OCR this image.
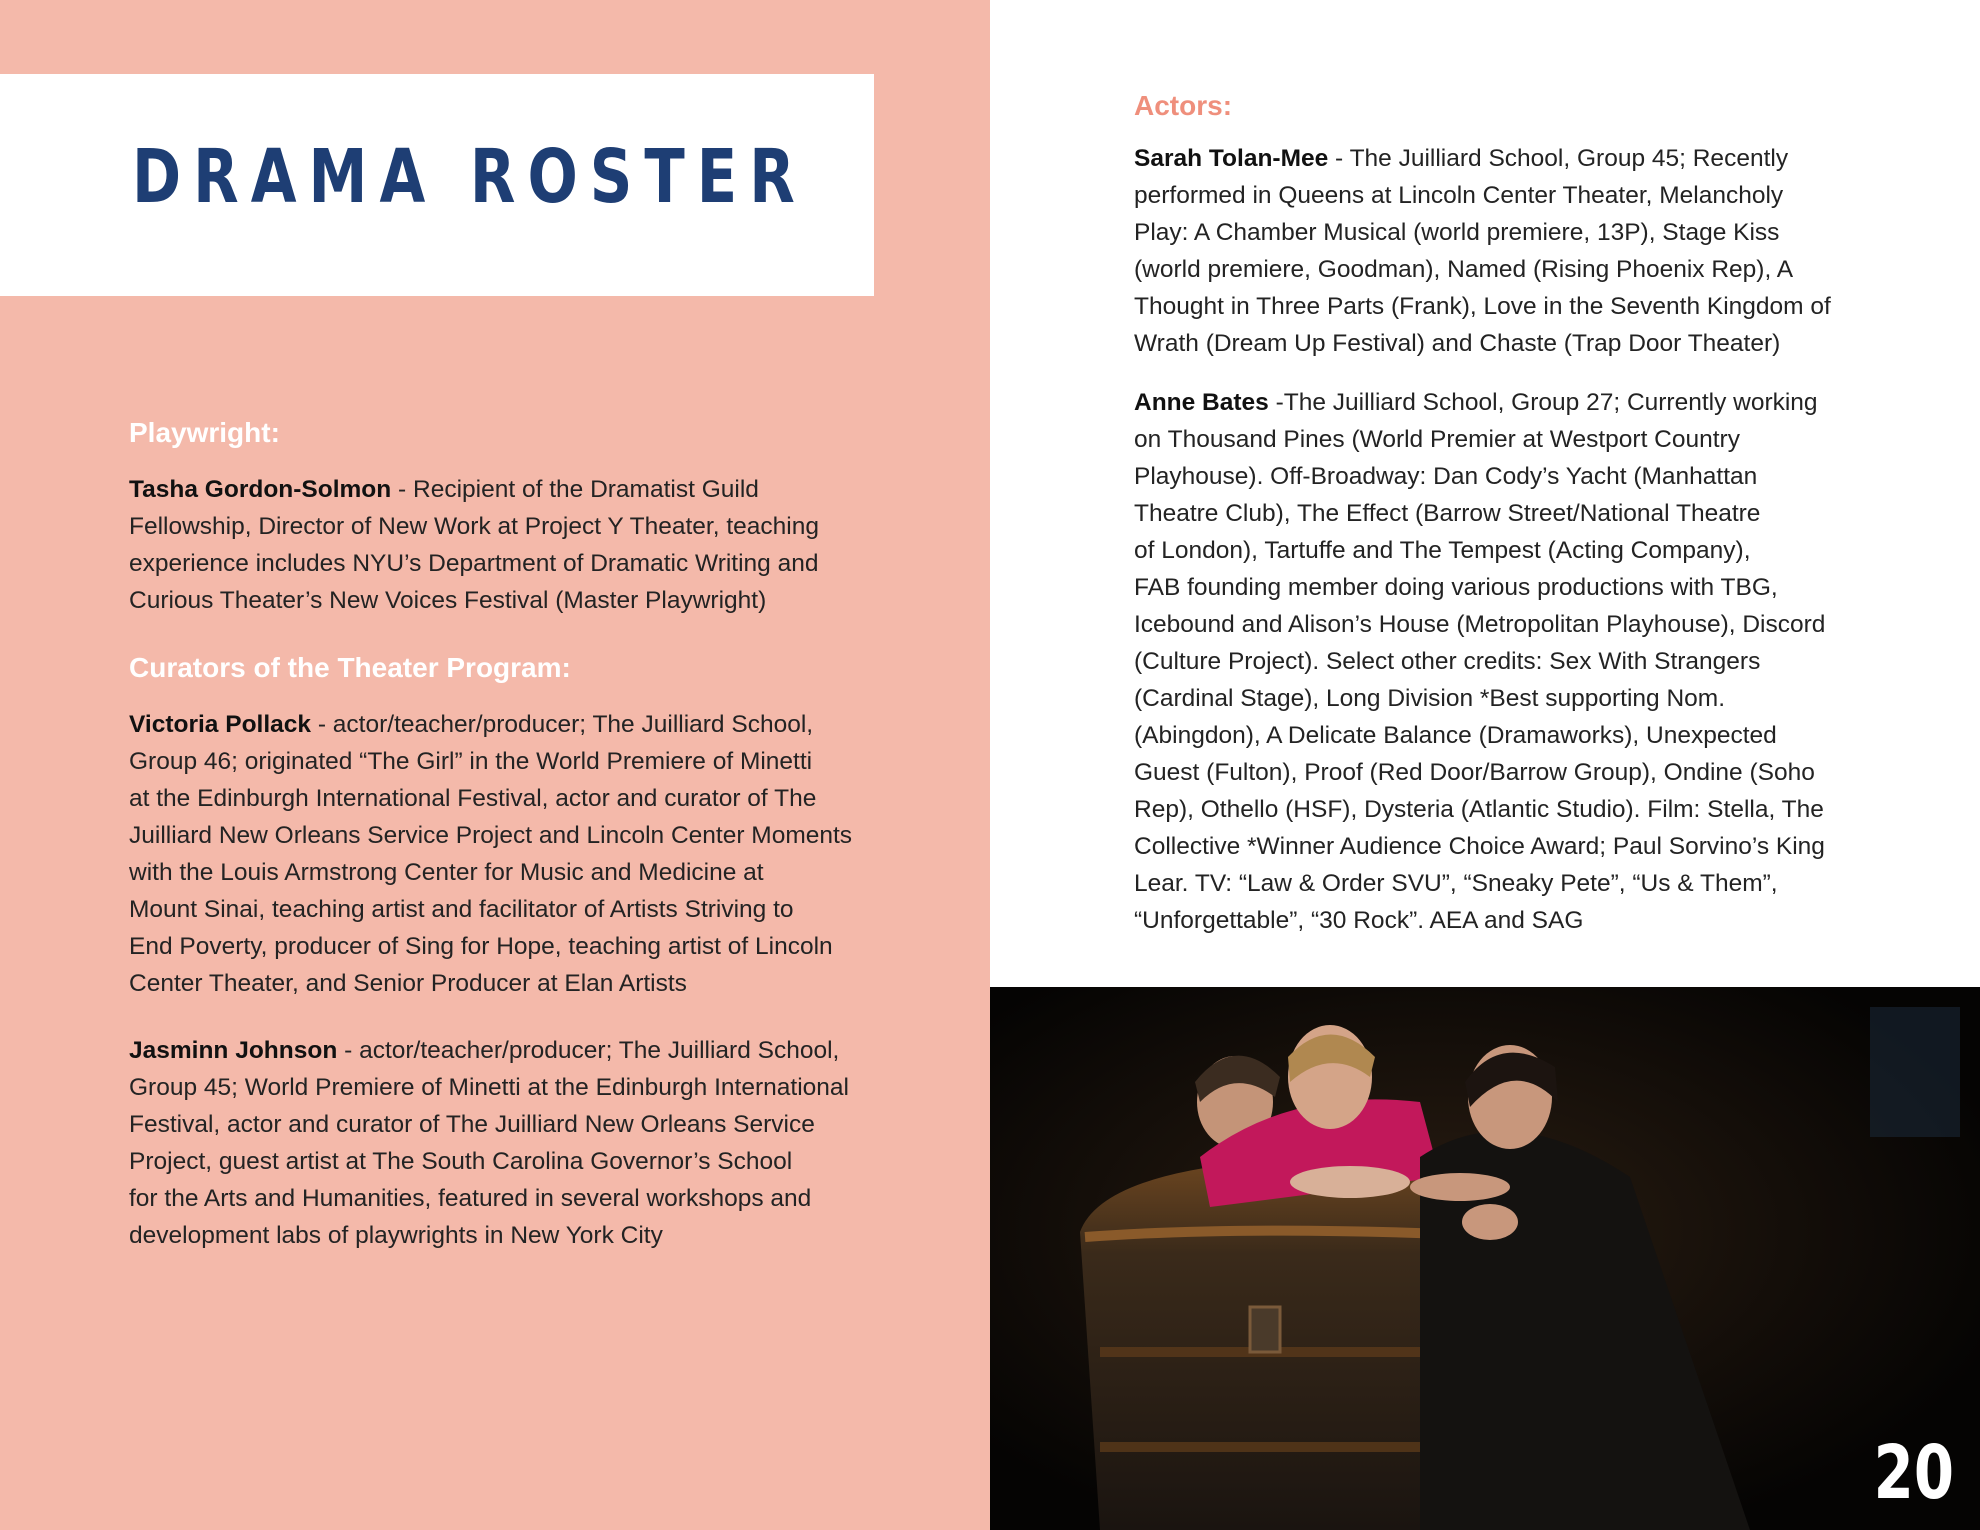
DRAMA ROSTER
Playwright:

Tasha Gordon-Solmon - Recipient of the Dramatist Guild
Fellowship, Director of New Work at Project Y Theater, teaching
experience includes NYU’s Department of Dramatic Writing and
Curious Theater’s New Voices Festival (Master Playwright)

Curators of the Theater Program:

Victoria Pollack - actor/teacher/producer; The Juilliard School,
Group 46; originated “The Girl” in the World Premiere of Minetti
at the Edinburgh International Festival, actor and curator of The
Juilliard New Orleans Service Project and Lincoln Center Moments
with the Louis Armstrong Center for Music and Medicine at
Mount Sinai, teaching artist and facilitator of Artists Striving to
End Poverty, producer of Sing for Hope, teaching artist of Lincoln
Center Theater, and Senior Producer at Elan Artists

Jasminn Johnson - actor/teacher/producer; The Juilliard School,
Group 45; World Premiere of Minetti at the Edinburgh International
Festival, actor and curator of The Juilliard New Orleans Service
Project, guest artist at The South Carolina Governor’s School
for the Arts and Humanities, featured in several workshops and
development labs of playwrights in New York City

Actors:

Sarah Tolan-Mee - The Juilliard School, Group 45; Recently
performed in Queens at Lincoln Center Theater, Melancholy
Play: A Chamber Musical (world premiere, 13P), Stage Kiss
(world premiere, Goodman), Named (Rising Phoenix Rep), A
Thought in Three Parts (Frank), Love in the Seventh Kingdom of
Wrath (Dream Up Festival) and Chaste (Trap Door Theater)

Anne Bates -The Juilliard School, Group 27; Currently working
on Thousand Pines (World Premier at Westport Country
Playhouse). Off-Broadway: Dan Cody’s Yacht (Manhattan
Theatre Club), The Effect (Barrow Street/National Theatre
of London), Tartuffe and The Tempest (Acting Company),
FAB founding member doing various productions with TBG,
Icebound and Alison’s House (Metropolitan Playhouse), Discord
(Culture Project). Select other credits: Sex With Strangers
(Cardinal Stage), Long Division *Best supporting Nom.
(Abingdon), A Delicate Balance (Dramaworks), Unexpected
Guest (Fulton), Proof (Red Door/Barrow Group), Ondine (Soho
Rep), Othello (HSF), Dysteria (Atlantic Studio). Film: Stella, The
Collective *Winner Audience Choice Award; Paul Sorvino’s King
Lear. TV: “Law & Order SVU”, “Sneaky Pete”, “Us & Them”,
“Unforgettable”, “30 Rock”. AEA and SAG

20
